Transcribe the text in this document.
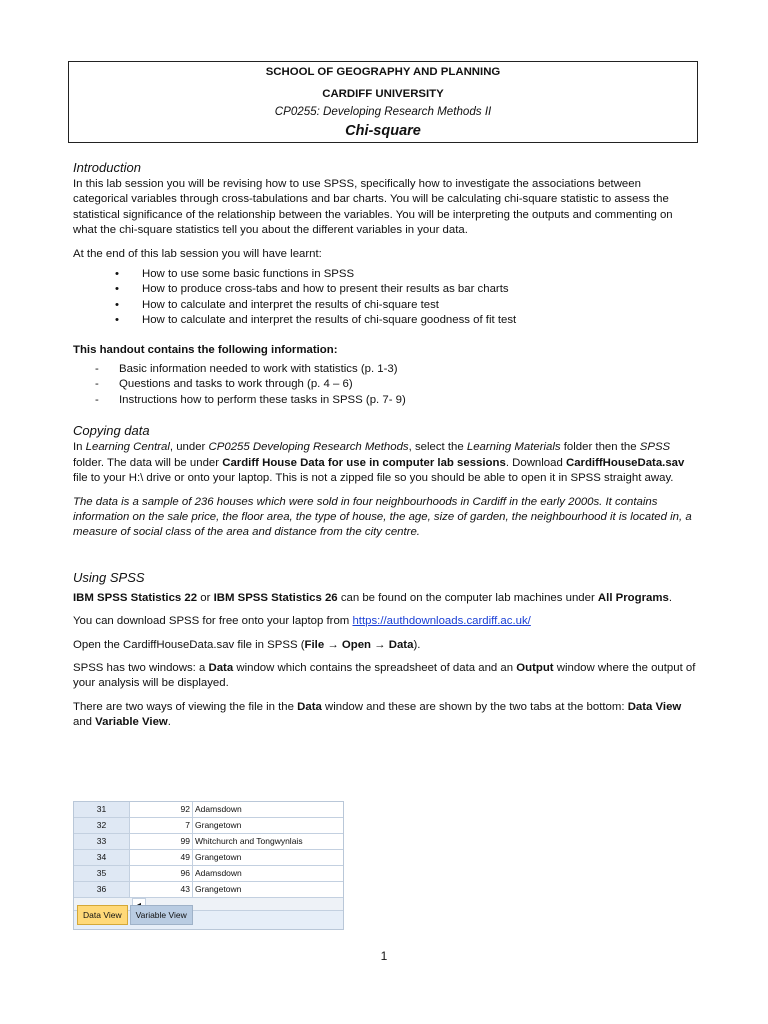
SCHOOL OF GEOGRAPHY AND PLANNING
CARDIFF UNIVERSITY
CP0255: Developing Research Methods II
Chi-square
Introduction

In this lab session you will be revising how to use SPSS, specifically how to investigate the associations between categorical variables through cross-tabulations and bar charts. You will be calculating chi-square statistic to assess the statistical significance of the relationship between the variables. You will be interpreting the outputs and commenting on what the chi-square statistics tell you about the different variables in your data.

At the end of this lab session you will have learnt:

• How to use some basic functions in SPSS
• How to produce cross-tabs and how to present their results as bar charts
• How to calculate and interpret the results of chi-square test
• How to calculate and interpret the results of chi-square goodness of fit test

This handout contains the following information:

- Basic information needed to work with statistics (p. 1-3)
- Questions and tasks to work through (p. 4 – 6)
- Instructions how to perform these tasks in SPSS (p. 7- 9)
Copying data

In Learning Central, under CP0255 Developing Research Methods, select the Learning Materials folder then the SPSS folder. The data will be under Cardiff House Data for use in computer lab sessions. Download CardiffHouseData.sav file to your H:\ drive or onto your laptop. This is not a zipped file so you should be able to open it in SPSS straight away.

The data is a sample of 236 houses which were sold in four neighbourhoods in Cardiff in the early 2000s. It contains information on the sale price, the floor area, the type of house, the age, size of garden, the neighbourhood it is located in, a measure of social class of the area and distance from the city centre.

Using SPSS

IBM SPSS Statistics 22 or IBM SPSS Statistics 26 can be found on the computer lab machines under All Programs.

You can download SPSS for free onto your laptop from https://authdownloads.cardiff.ac.uk/

Open the CardiffHouseData.sav file in SPSS (File → Open → Data).

SPSS has two windows: a Data window which contains the spreadsheet of data and an Output window where the output of your analysis will be displayed.

There are two ways of viewing the file in the Data window and these are shown by the two tabs at the bottom: Data View and Variable View.

31	92 Adamsdown
32	7 Grangetown
33	99 Whitchurch and Tongwynlais
34	49 Grangetown
35	96 Adamsdown
36	43 Grangetown
Data View	Variable View
1
